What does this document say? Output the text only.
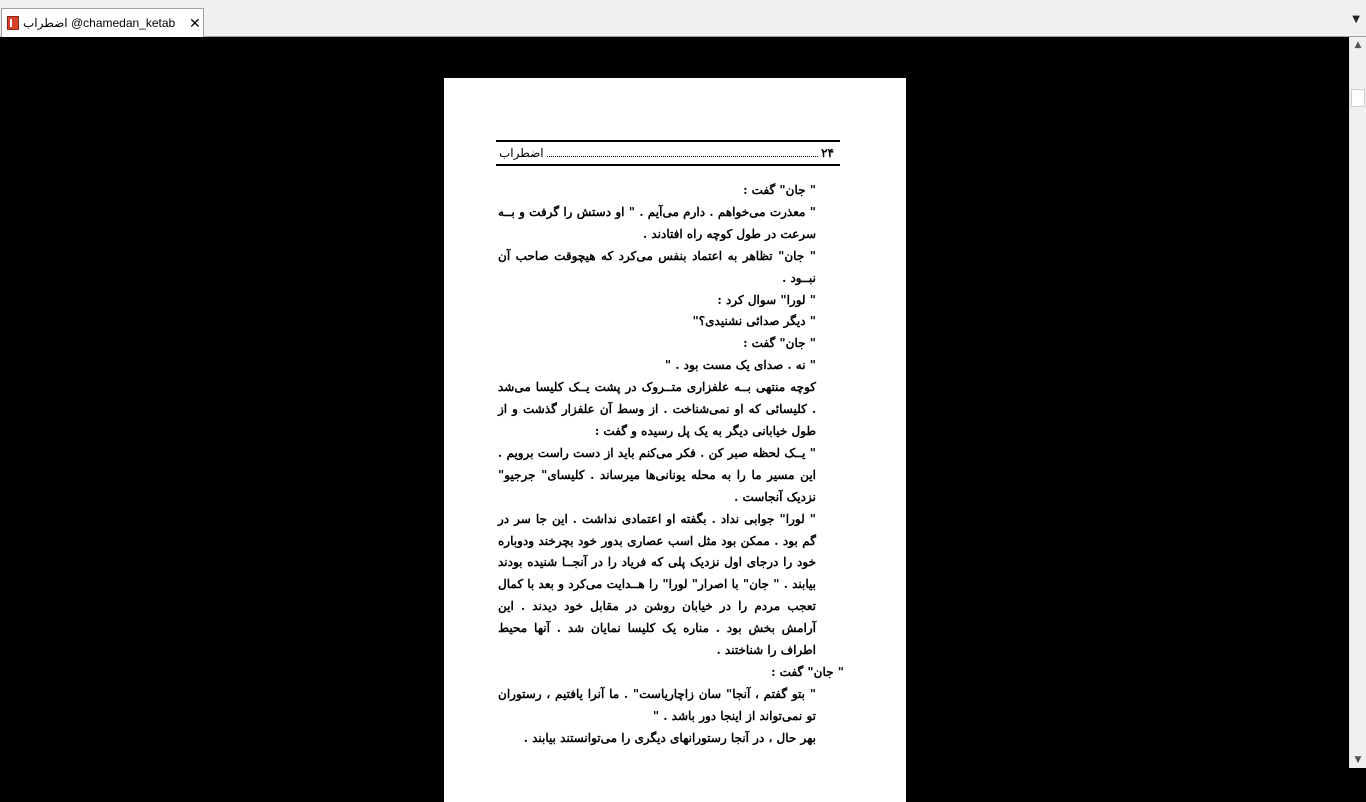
اضطراب @chamedan_ketab ✕	▼
اضطراب	۲۴

" جان" گفت :

" معذرت می‌خواهم . دارم می‌آیم . " او دستش را گرفت و بــه سرعت در طول کوچه راه افتادند .

" جان" تظاهر به اعتماد بنفس می‌کرد که هیچوقت صاحب آن نبــود .

" لورا" سوال کرد :

" دیگر صدائی نشنیدی؟"

" جان" گفت :

" نه . صدای یک مست بود . "

کوچه منتهی بــه علفزاری متــروک در پشت یــک کلیسا می‌شد . کلیسائی که او نمی‌شناخت . از وسط آن علفزار گذشت و از طول خیابانی دیگر به یک پل رسیده و گفت :

" یــک لحظه صبر کن . فکر می‌کنم باید از دست راست برویم . این مسیر ما را به محله یونانی‌ها میرساند . کلیسای" جرجیو" نزدیک آنجاست .

" لورا" جوابی نداد . بگفته او اعتمادی نداشت . این جا سر در گم بود . ممکن بود مثل اسب عصاری بدور خود بچرخند ودوباره خود را درجای اول نزدیک پلی که فریاد را در آنجــا شنیده بودند بیابند . " جان" با اصرار" لورا" را هــدایت می‌کرد و بعد با کمال تعجب مردم را در خیابان روشن در مقابل خود دیدند . این آرامش بخش بود . مناره یک کلیسا نمایان شد . آنها محیط اطراف را شناختند .

" جان" گفت :

" بتو گفتم ، آنجا" سان زاچاریاست" . ما آنرا یافتیم ، رستوران تو نمی‌تواند از اینجا دور باشد . "

بهر حال ، در آنجا رستورانهای دیگری را می‌توانستند بیابند .

▲
▼
